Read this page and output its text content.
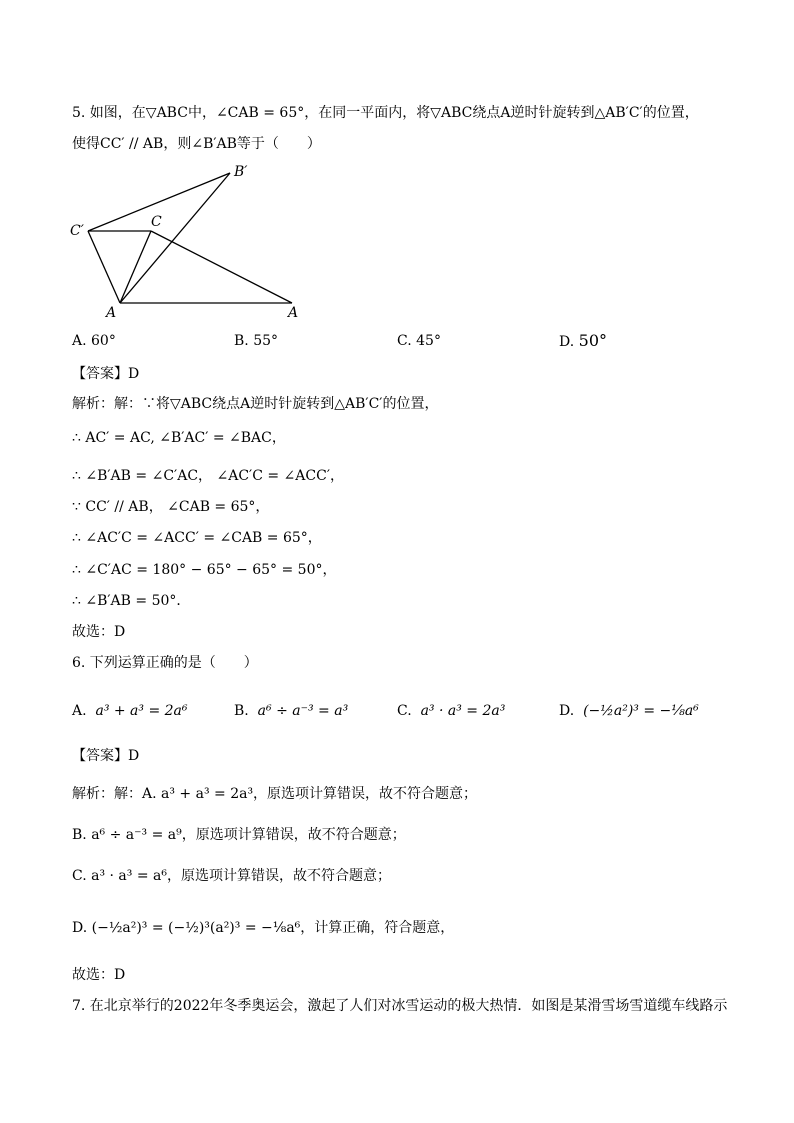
5. 如图，在▽ABC中，∠CAB = 65°，在同一平面内，将▽ABC绕点A逆时针旋转到△AB′C′的位置，
使得CC′ // AB，则∠B′AB等于（　　）
B′
C
C′
A	A
A. 60°	B. 55°	C. 45°	D. 50°
【答案】D
解析：解：∵将▽ABC绕点A逆时针旋转到△AB′C′的位置，
∴ AC′ = AC, ∠B′AC′ = ∠BAC，
∴ ∠B′AB = ∠C′AC， ∠AC′C = ∠ACC′，
∵ CC′ // AB， ∠CAB = 65°，
∴ ∠AC′C = ∠ACC′ = ∠CAB = 65°，
∴ ∠C′AC = 180° − 65° − 65° = 50°，
∴ ∠B′AB = 50°．
故选：D
6. 下列运算正确的是（　　）
A. a³ + a³ = 2a⁶	B. a⁶ ÷ a⁻³ = a³	C. a³ · a³ = 2a³	D. (−½a²)³ = −⅛a⁶
【答案】D
解析：解：A. a³ + a³ = 2a³，原选项计算错误，故不符合题意；
B. a⁶ ÷ a⁻³ = a⁹，原选项计算错误，故不符合题意；
C. a³ · a³ = a⁶，原选项计算错误，故不符合题意；
D. (−½a²)³ = (−½)³(a²)³ = −⅛a⁶，计算正确，符合题意，
故选：D
7. 在北京举行的2022年冬季奥运会，激起了人们对冰雪运动的极大热情．如图是某滑雪场雪道缆车线路示
